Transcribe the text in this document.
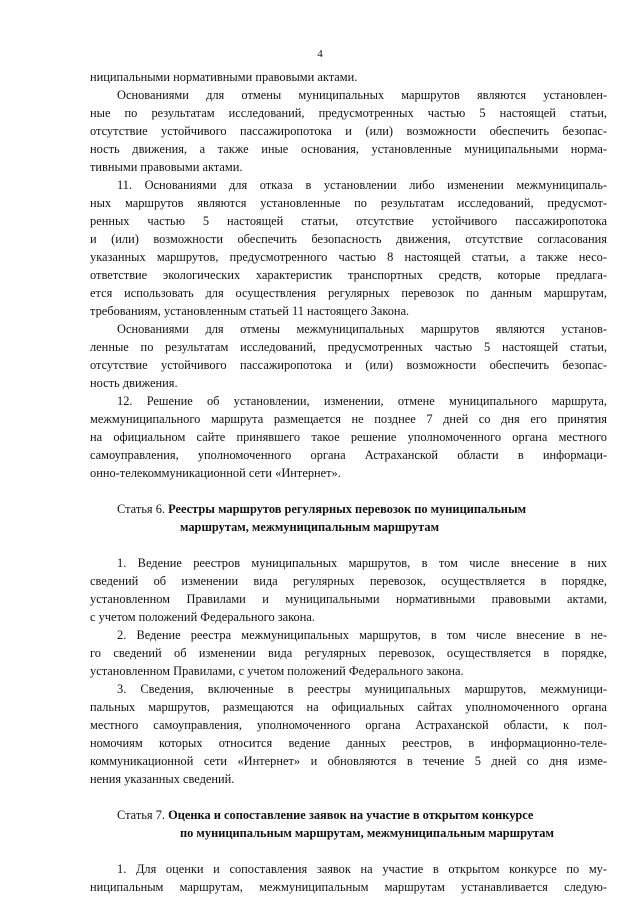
4
ниципальными нормативными правовыми актами.
Основаниями для отмены муниципальных маршрутов являются установлен-
ные по результатам исследований, предусмотренных частью 5 настоящей статьи,
отсутствие устойчивого пассажиропотока и (или) возможности обеспечить безопас-
ность движения, а также иные основания, установленные муниципальными норма-
тивными правовыми актами.
11. Основаниями для отказа в установлении либо изменении межмуниципаль-
ных маршрутов являются установленные по результатам исследований, предусмот-
ренных частью 5 настоящей статьи, отсутствие устойчивого пассажиропотока
и (или) возможности обеспечить безопасность движения, отсутствие согласования
указанных маршрутов, предусмотренного частью 8 настоящей статьи, а также несо-
ответствие экологических характеристик транспортных средств, которые предлага-
ется использовать для осуществления регулярных перевозок по данным маршрутам,
требованиям, установленным статьей 11 настоящего Закона.
Основаниями для отмены межмуниципальных маршрутов являются установ-
ленные по результатам исследований, предусмотренных частью 5 настоящей статьи,
отсутствие устойчивого пассажиропотока и (или) возможности обеспечить безопас-
ность движения.
12. Решение об установлении, изменении, отмене муниципального маршрута,
межмуниципального маршрута размещается не позднее 7 дней со дня его принятия
на официальном сайте принявшего такое решение уполномоченного органа местного
самоуправления, уполномоченного органа Астраханской области в информаци-
онно-телекоммуникационной сети «Интернет».
Статья 6. Реестры маршрутов регулярных перевозок по муниципальным
маршрутам, межмуниципальным маршрутам
1. Ведение реестров муниципальных маршрутов, в том числе внесение в них
сведений об изменении вида регулярных перевозок, осуществляется в порядке,
установленном Правилами и муниципальными нормативными правовыми актами,
с учетом положений Федерального закона.
2. Ведение реестра межмуниципальных маршрутов, в том числе внесение в не-
го сведений об изменении вида регулярных перевозок, осуществляется в порядке,
установленном Правилами, с учетом положений Федерального закона.
3. Сведения, включенные в реестры муниципальных маршрутов, межмуници-
пальных маршрутов, размещаются на официальных сайтах уполномоченного органа
местного самоуправления, уполномоченного органа Астраханской области, к пол-
номочиям которых относится ведение данных реестров, в информационно-теле-
коммуникационной сети «Интернет» и обновляются в течение 5 дней со дня изме-
нения указанных сведений.
Статья 7. Оценка и сопоставление заявок на участие в открытом конкурсе
по муниципальным маршрутам, межмуниципальным маршрутам
1. Для оценки и сопоставления заявок на участие в открытом конкурсе по му-
ниципальным маршрутам, межмуниципальным маршрутам устанавливается следую-
